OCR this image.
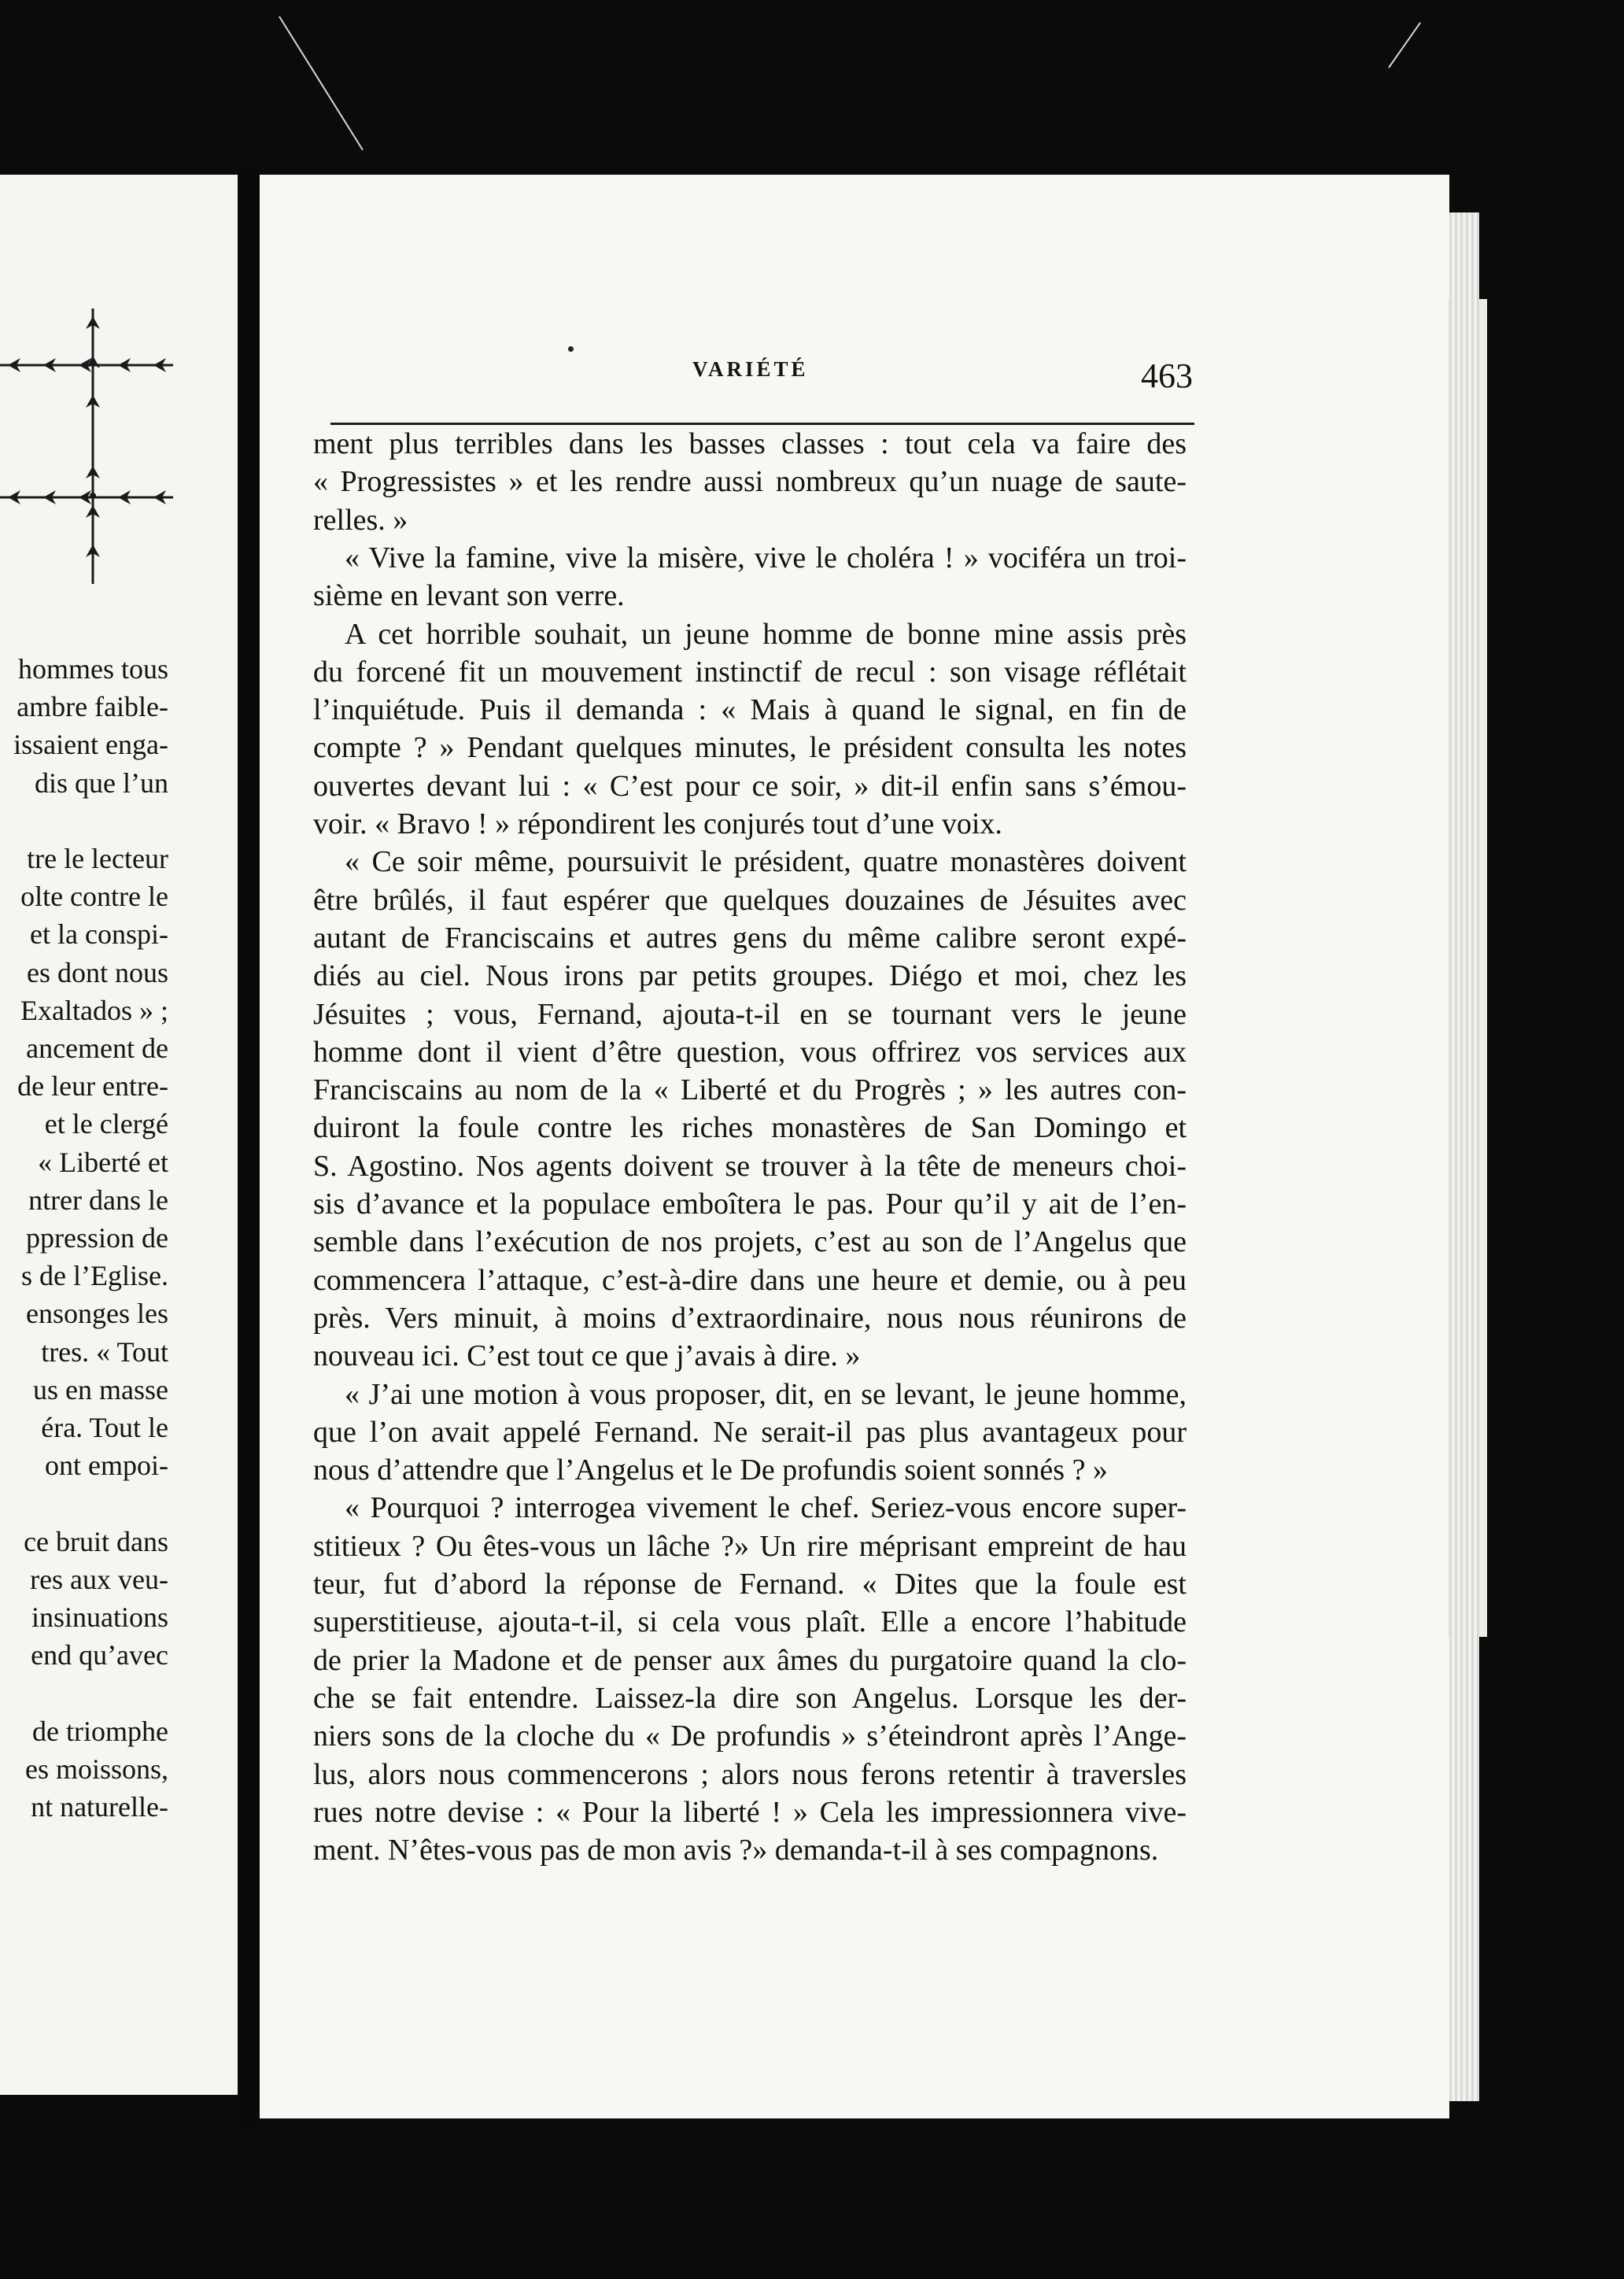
hommes tous
ambre faible-
issaient enga-
dis que l’un
tre le lecteur
olte contre le
et la conspi-
es dont nous
Exaltados » ;
ancement de
de leur entre-
et le clergé
« Liberté et
ntrer dans le
ppression de
s de l’Eglise.
ensonges les
tres. « Tout
us en masse
éra. Tout le
ont empoi-
ce bruit dans
res aux veu-
insinuations
end qu’avec
de triomphe
es moissons,
nt naturelle-
VARIÉTÉ	463
ment plus terribles dans les basses classes : tout cela va faire des
« Progressistes » et les rendre aussi nombreux qu’un nuage de saute-
relles. »
« Vive la famine, vive la misère, vive le choléra ! » vociféra un troi-
sième en levant son verre.
A cet horrible souhait, un jeune homme de bonne mine assis près
du forcené fit un mouvement instinctif de recul : son visage réflétait
l’inquiétude. Puis il demanda : « Mais à quand le signal, en fin de
compte ? » Pendant quelques minutes, le président consulta les notes
ouvertes devant lui : « C’est pour ce soir, » dit-il enfin sans s’émou-
voir. « Bravo ! » répondirent les conjurés tout d’une voix.
« Ce soir même, poursuivit le président, quatre monastères doivent
être brûlés, il faut espérer que quelques douzaines de Jésuites avec
autant de Franciscains et autres gens du même calibre seront expé-
diés au ciel. Nous irons par petits groupes. Diégo et moi, chez les
Jésuites ; vous, Fernand, ajouta-t-il en se tournant vers le jeune
homme dont il vient d’être question, vous offrirez vos services aux
Franciscains au nom de la « Liberté et du Progrès ; » les autres con-
duiront la foule contre les riches monastères de San Domingo et
S. Agostino. Nos agents doivent se trouver à la tête de meneurs choi-
sis d’avance et la populace emboîtera le pas. Pour qu’il y ait de l’en-
semble dans l’exécution de nos projets, c’est au son de l’Angelus que
commencera l’attaque, c’est-à-dire dans une heure et demie, ou à peu
près. Vers minuit, à moins d’extraordinaire, nous nous réunirons de
nouveau ici. C’est tout ce que j’avais à dire. »
« J’ai une motion à vous proposer, dit, en se levant, le jeune homme,
que l’on avait appelé Fernand. Ne serait-il pas plus avantageux pour
nous d’attendre que l’Angelus et le De profundis soient sonnés ? »
« Pourquoi ? interrogea vivement le chef. Seriez-vous encore super-
stitieux ? Ou êtes-vous un lâche ?» Un rire méprisant empreint de hau
teur, fut d’abord la réponse de Fernand. « Dites que la foule est
superstitieuse, ajouta-t-il, si cela vous plaît. Elle a encore l’habitude
de prier la Madone et de penser aux âmes du purgatoire quand la clo-
che se fait entendre. Laissez-la dire son Angelus. Lorsque les der-
niers sons de la cloche du « De profundis » s’éteindront après l’Ange-
lus, alors nous commencerons ; alors nous ferons retentir à traversles
rues notre devise : « Pour la liberté ! » Cela les impressionnera vive-
ment. N’êtes-vous pas de mon avis ?» demanda-t-il à ses compagnons.
